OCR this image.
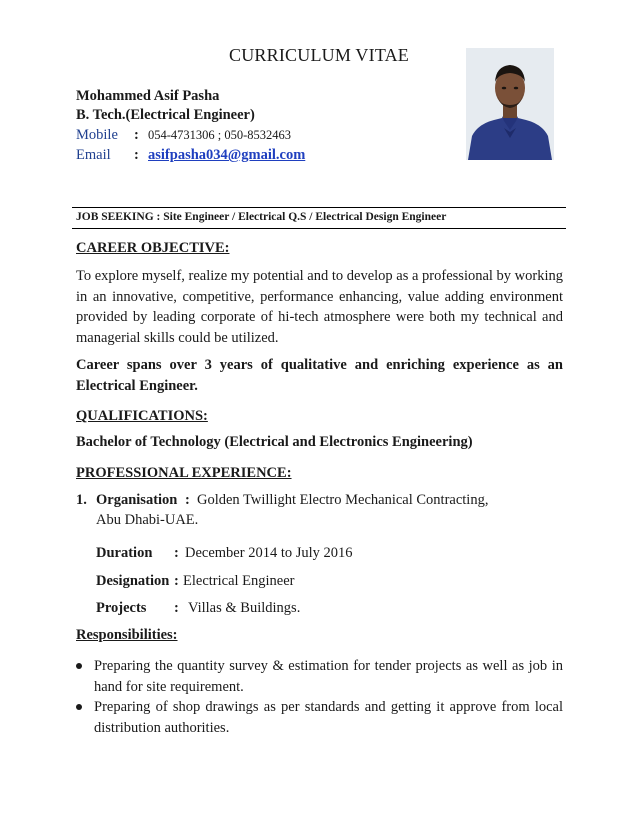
CURRICULUM VITAE
Mohammed Asif Pasha
B. Tech.(Electrical Engineer)
Mobile : 054-4731306 ; 050-8532463
Email : asifpasha034@gmail.com
JOB SEEKING : Site Engineer / Electrical Q.S / Electrical Design Engineer
CAREER OBJECTIVE:
To explore myself, realize my potential and to develop as a professional by working in an innovative, competitive, performance enhancing, value adding environment provided by leading corporate of hi-tech atmosphere were both my technical and managerial skills could be utilized.
Career spans over 3 years of qualitative and enriching experience as an Electrical Engineer.
QUALIFICATIONS:
Bachelor of Technology (Electrical and Electronics Engineering)
PROFESSIONAL EXPERIENCE:
1. Organisation : Golden Twillight Electro Mechanical Contracting,
Abu Dhabi-UAE.
Duration : December 2014 to July 2016
Designation : Electrical Engineer
Projects : Villas & Buildings.
Responsibilities:
Preparing the quantity survey & estimation for tender projects as well as job in hand for site requirement.
Preparing of shop drawings as per standards and getting it approve from local distribution authorities.
